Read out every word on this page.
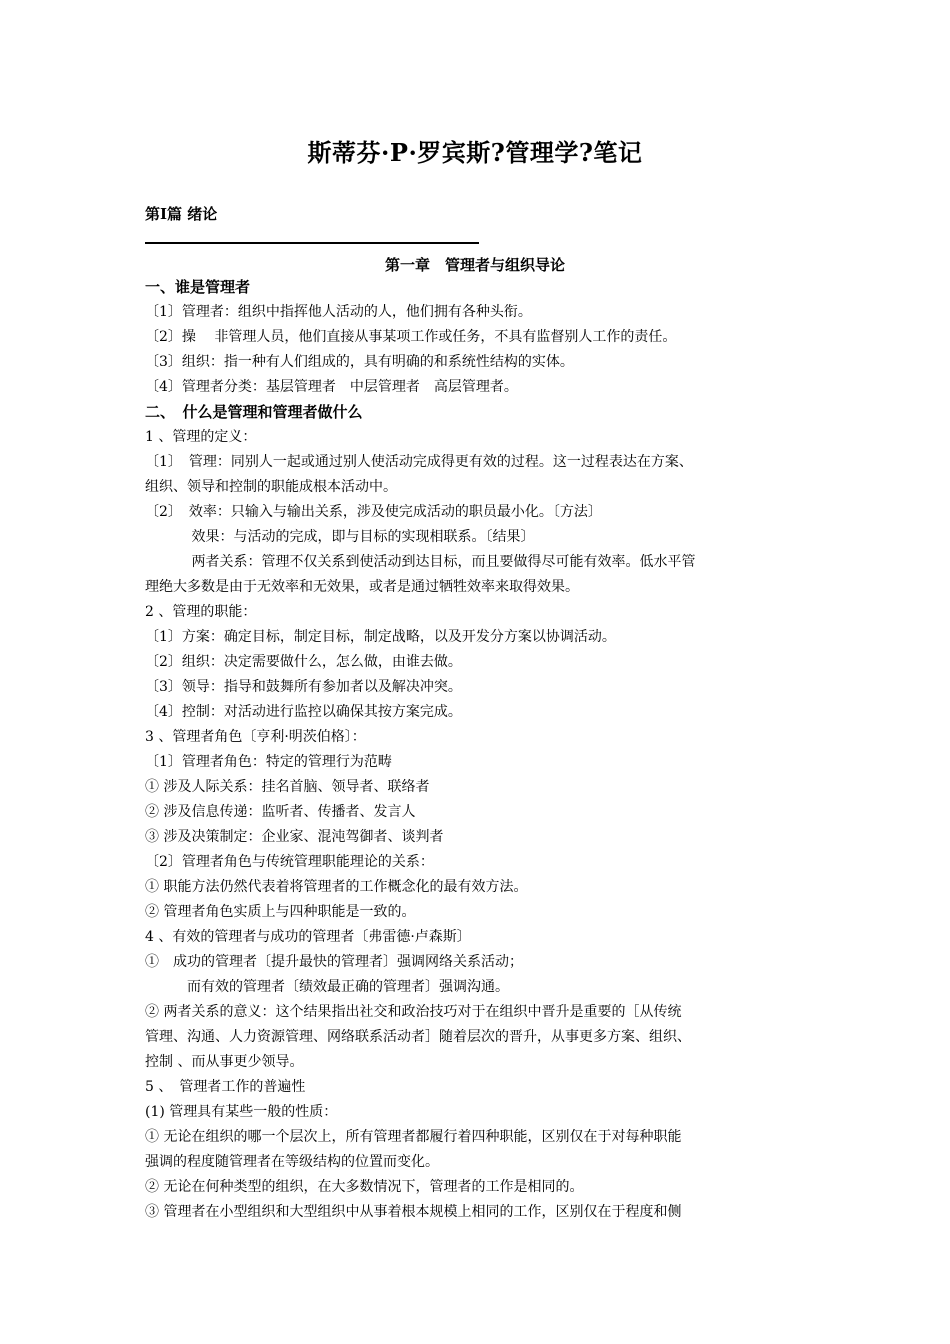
斯蒂芬·P·罗宾斯?管理学?笔记
第Ⅰ篇 绪论
第一章　管理者与组织导论
一、谁是管理者
〔1〕管理者：组织中指挥他人活动的人，他们拥有各种头衔。
〔2〕操　 非管理人员，他们直接从事某项工作或任务，不具有监督别人工作的责任。
〔3〕组织：指一种有人们组成的，具有明确的和系统性结构的实体。
〔4〕管理者分类：基层管理者　中层管理者　高层管理者。
二、　什么是管理和管理者做什么
1 、管理的定义：
〔1〕　管理：同别人一起或通过别人使活动完成得更有效的过程。这一过程表达在方案、
组织、领导和控制的职能成根本活动中。
〔2〕　效率：只输入与输出关系，涉及使完成活动的职员最小化。〔方法〕
　　　 效果：与活动的完成，即与目标的实现相联系。〔结果〕
　　　 两者关系：管理不仅关系到使活动到达目标，而且要做得尽可能有效率。低水平管
理绝大多数是由于无效率和无效果，或者是通过牺牲效率来取得效果。
2 、管理的职能：
〔1〕方案：确定目标，制定目标，制定战略，以及开发分方案以协调活动。
〔2〕组织：决定需要做什么，怎么做，由谁去做。
〔3〕领导：指导和鼓舞所有参加者以及解决冲突。
〔4〕控制：对活动进行监控以确保其按方案完成。
3 、管理者角色〔亨利·明茨伯格〕：
〔1〕管理者角色：特定的管理行为范畴
① 涉及人际关系：挂名首脑、领导者、联络者
② 涉及信息传递：监听者、传播者、发言人
③ 涉及决策制定：企业家、混沌驾御者、谈判者
〔2〕管理者角色与传统管理职能理论的关系：
① 职能方法仍然代表着将管理者的工作概念化的最有效方法。
② 管理者角色实质上与四种职能是一致的。
4 、有效的管理者与成功的管理者〔弗雷德·卢森斯〕
①　成功的管理者〔提升最快的管理者〕强调网络关系活动；
　　　而有效的管理者〔绩效最正确的管理者〕强调沟通。
② 两者关系的意义：这个结果指出社交和政治技巧对于在组织中晋升是重要的［从传统
管理、沟通、人力资源管理、网络联系活动者］随着层次的晋升，从事更多方案、组织、
控制 、而从事更少领导。
5 、　管理者工作的普遍性
(1) 管理具有某些一般的性质：
① 无论在组织的哪一个层次上，所有管理者都履行着四种职能，区别仅在于对每种职能
强调的程度随管理者在等级结构的位置而变化。
② 无论在何种类型的组织，在大多数情况下，管理者的工作是相同的。
③ 管理者在小型组织和大型组织中从事着根本规模上相同的工作，区别仅在于程度和侧
